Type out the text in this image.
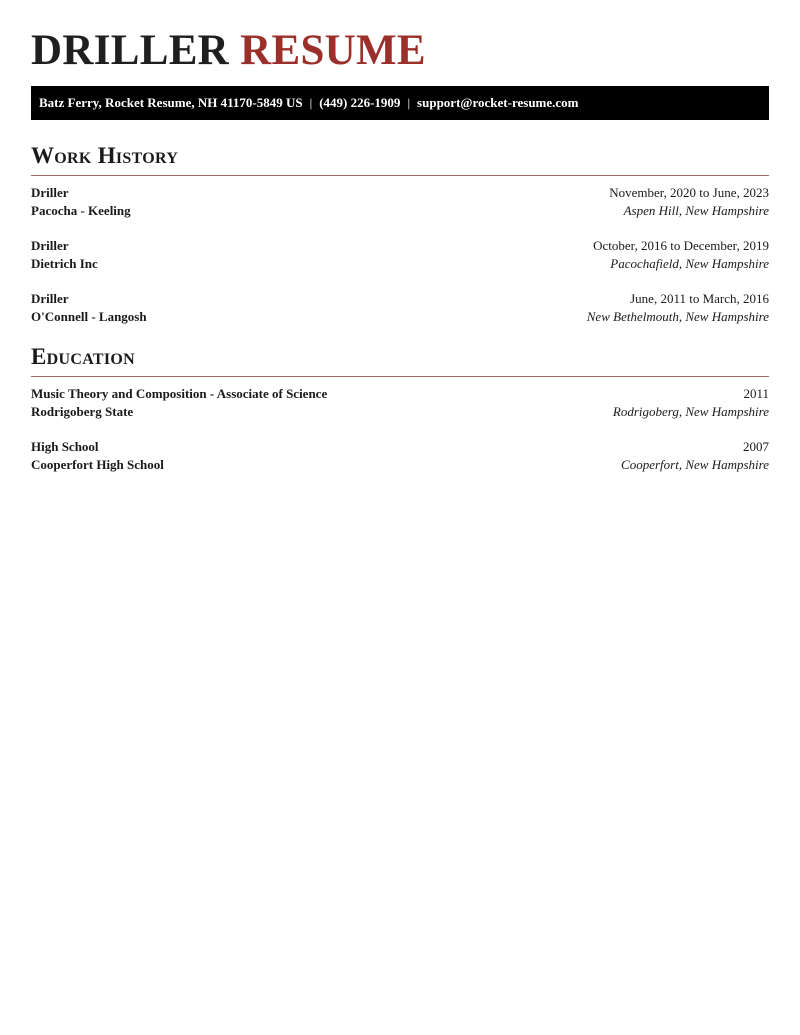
DRILLER RESUME
Batz Ferry, Rocket Resume, NH 41170-5849 US | (449) 226-1909 | support@rocket-resume.com
Work History
Driller	November, 2020 to June, 2023
Pacocha - Keeling	Aspen Hill, New Hampshire
Driller	October, 2016 to December, 2019
Dietrich Inc	Pacochafield, New Hampshire
Driller	June, 2011 to March, 2016
O'Connell - Langosh	New Bethelmouth, New Hampshire
Education
Music Theory and Composition - Associate of Science	2011
Rodrigoberg State	Rodrigoberg, New Hampshire
High School	2007
Cooperfort High School	Cooperfort, New Hampshire
